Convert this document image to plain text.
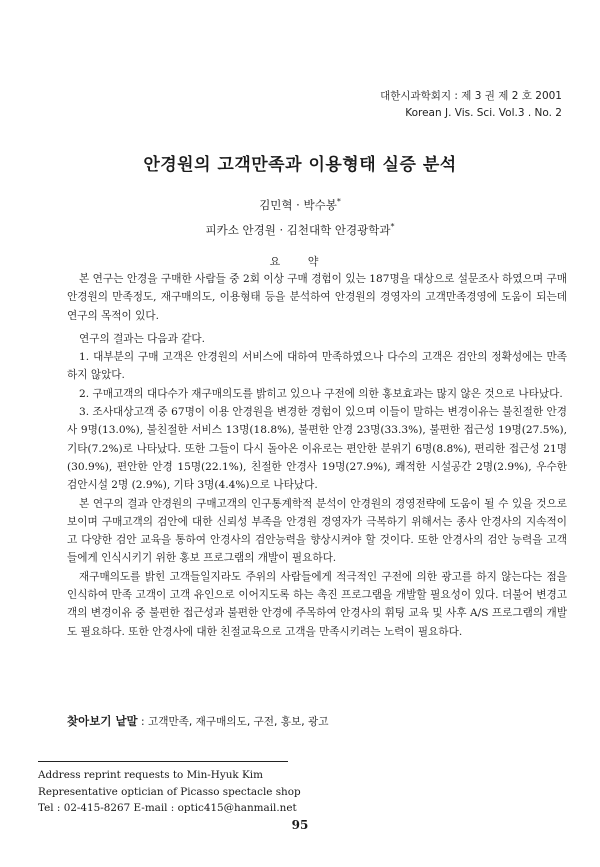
대한시과학회지 : 제 3 권 제 2 호 2001
Korean J. Vis. Sci. Vol.3 . No. 2
안경원의 고객만족과 이용형태 실증 분석
김민혁 · 박수봉*
피카소 안경원 · 김천대학 안경광학과*
요 약

본 연구는 안경을 구매한 사람들 중 2회 이상 구매 경험이 있는 187명을 대상으로 설문조사 하였으며 구매 안경원의 만족정도, 재구매의도, 이용형태 등을 분석하여 안경원의 경영자의 고객만족경영에 도움이 되는데 연구의 목적이 있다.

연구의 결과는 다음과 같다.

1. 대부분의 구매 고객은 안경원의 서비스에 대하여 만족하였으나 다수의 고객은 검안의 정확성에는 만족하지 않았다.

2. 구매고객의 대다수가 재구매의도를 밝히고 있으나 구전에 의한 홍보효과는 많지 않은 것으로 나타났다.

3. 조사대상고객 중 67명이 이용 안경원을 변경한 경험이 있으며 이들이 말하는 변경이유는 불친절한 안경사 9명(13.0%), 불친절한 서비스 13명(18.8%), 불편한 안경 23명(33.3%), 불편한 접근성 19명(27.5%), 기타(7.2%)로 나타났다. 또한 그들이 다시 돌아온 이유로는 편안한 분위기 6명(8.8%), 편리한 접근성 21명(30.9%), 편안한 안경 15명(22.1%), 친절한 안경사 19명(27.9%), 쾌적한 시설공간 2명(2.9%), 우수한 검안시설 2명 (2.9%), 기타 3명(4.4%)으로 나타났다.

본 연구의 결과 안경원의 구매고객의 인구통계학적 분석이 안경원의 경영전략에 도움이 될 수 있을 것으로 보이며 구매고객의 검안에 대한 신뢰성 부족을 안경원 경영자가 극복하기 위해서는 종사 안경사의 지속적이고 다양한 검안 교육을 통하여 안경사의 검안능력을 향상시켜야 할 것이다. 또한 안경사의 검안 능력을 고객들에게 인식시키기 위한 홍보 프로그램의 개발이 필요하다.

재구매의도를 밝힌 고객들일지라도 주위의 사람들에게 적극적인 구전에 의한 광고를 하지 않는다는 점을 인식하여 만족 고객이 고객 유인으로 이어지도록 하는 촉진 프로그램을 개발할 필요성이 있다. 더불어 변경고객의 변경이유 중 불편한 접근성과 불편한 안경에 주목하여 안경사의 휘팅 교육 및 사후 A/S 프로그램의 개발도 필요하다. 또한 안경사에 대한 친절교육으로 고객을 만족시키려는 노력이 필요하다.

찾아보기 낱말 : 고객만족, 재구매의도, 구전, 홍보, 광고
Address reprint requests to Min-Hyuk Kim
Representative optician of Picasso spectacle shop
Tel : 02-415-8267 E-mail : optic415@hanmail.net
95
